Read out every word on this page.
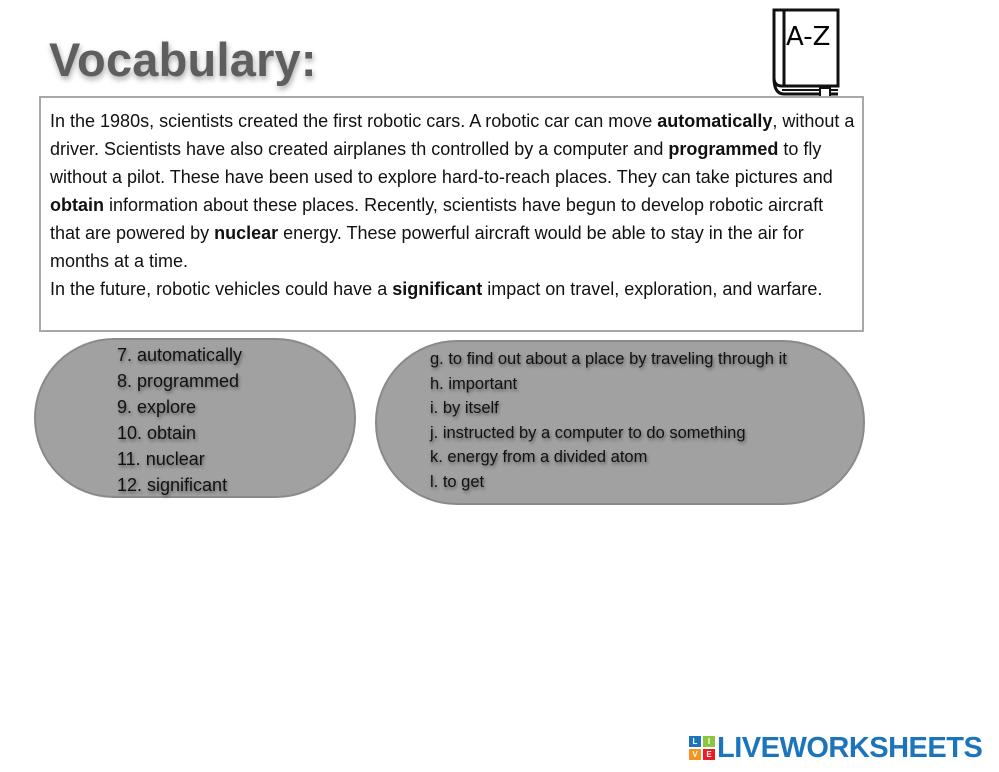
Vocabulary:	A-Z

In the 1980s, scientists created the first robotic cars. A robotic car can move automatically, without a driver. Scientists have also created airplanes th controlled by a computer and programmed to fly without a pilot. These have been used to explore hard-to-reach places. They can take pictures and obtain information about these places. Recently, scientists have begun to develop robotic aircraft that are powered by nuclear energy. These powerful aircraft would be able to stay in the air for months at a time.
In the future, robotic vehicles could have a significant impact on travel, exploration, and warfare.

7. automatically
8. programmed
9. explore
10. obtain
11. nuclear
12. significant
g. to find out about a place by traveling through it
h. important
i. by itself
j. instructed by a computer to do something
k. energy from a divided atom
l. to get
L	I
V	E LIVEWORKSHEETS
